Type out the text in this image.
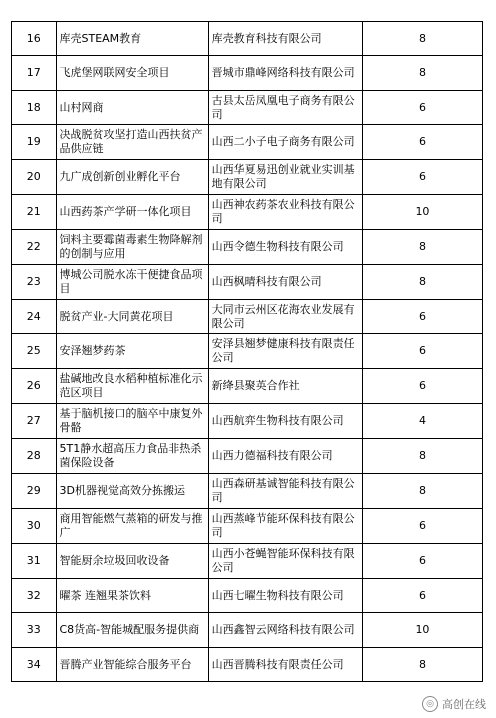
16	库壳STEAM教育	库壳教育科技有限公司	8
17	飞虎堡网联网安全项目	晋城市鼎峰网络科技有限公司	8
18	山村网商	古县太岳凤凰电子商务有限公司	6
19	决战脱贫攻坚打造山西扶贫产品供应链	山西二小子电子商务有限公司	6
20	九广成创新创业孵化平台	山西华夏易迅创业就业实训基地有限公司	6
21	山西药茶产学研一体化项目	山西神农药茶农业科技有限公司	10
22	饲料主要霉菌毒素生物降解剂的创制与应用	山西令德生物科技有限公司	8
23	博城公司脱水冻干便捷食品项目	山西枫晴科技有限公司	8
24	脱贫产业-大同黄花项目	大同市云州区花海农业发展有限公司	6
25	安泽翘梦药茶	安泽县翘梦健康科技有限责任公司	6
26	盐碱地改良水稻种植标准化示范区项目	新绛县聚英合作社	6
27	基于脑机接口的脑卒中康复外骨骼	山西航弈生物科技有限公司	4
28	5T1静水超高压力食品非热杀菌保险设备	山西力德福科技有限公司	8
29	3D机器视觉高效分拣搬运	山西森研基诚智能科技有限公司	8
30	商用智能燃气蒸箱的研发与推广	山西蒸峰节能环保科技有限公司	6
31	智能厨余垃圾回收设备	山西小苍蝇智能环保科技有限公司	6
32	曜茶 连翘果茶饮料	山西七曜生物科技有限公司	6
33	C8货高-智能城配服务提供商	山西鑫智云网络科技有限公司	10
34	晋腾产业智能综合服务平台	山西晋腾科技有限责任公司	8
◎ 高创在线
